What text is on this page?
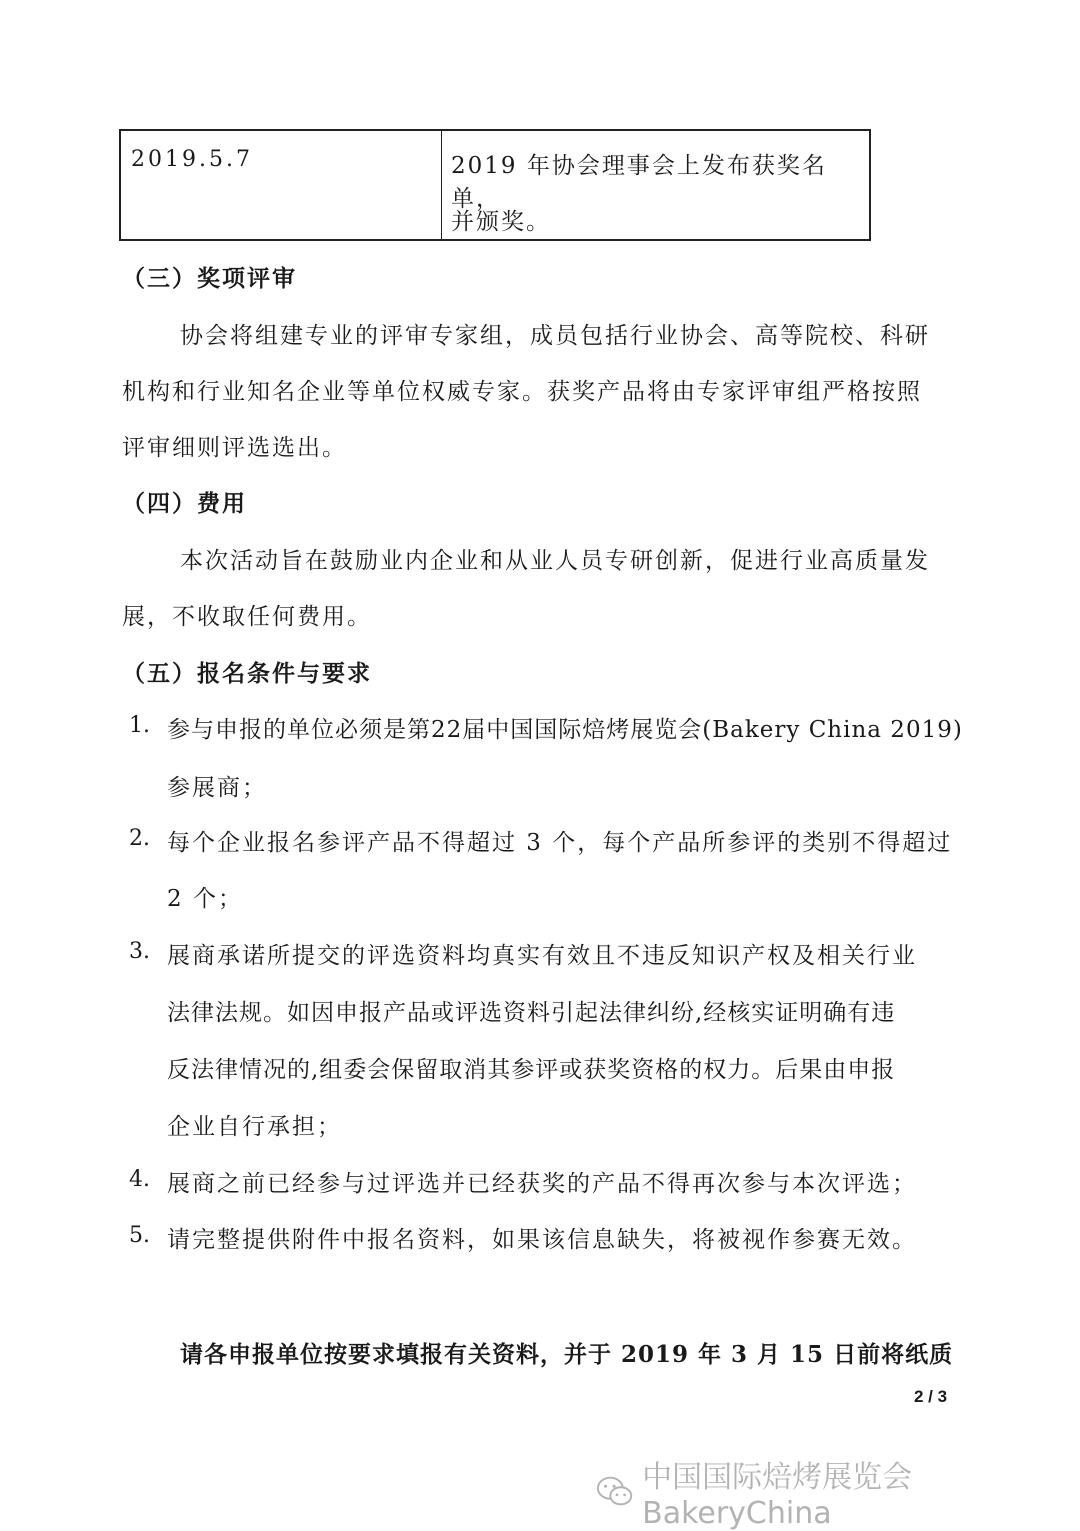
2019.5.7	2019 年协会理事会上发布获奖名单，
并颁奖。
（三）奖项评审
协会将组建专业的评审专家组，成员包括行业协会、高等院校、科研
机构和行业知名企业等单位权威专家。获奖产品将由专家评审组严格按照
评审细则评选选出。
（四）费用
本次活动旨在鼓励业内企业和从业人员专研创新，促进行业高质量发
展，不收取任何费用。
（五）报名条件与要求
1. 参与申报的单位必须是第22届中国国际焙烤展览会(Bakery China 2019)
参展商；
2. 每个企业报名参评产品不得超过 3 个，每个产品所参评的类别不得超过
2 个；
3. 展商承诺所提交的评选资料均真实有效且不违反知识产权及相关行业
法律法规。如因申报产品或评选资料引起法律纠纷,经核实证明确有违
反法律情况的,组委会保留取消其参评或获奖资格的权力。后果由申报
企业自行承担；
4. 展商之前已经参与过评选并已经获奖的产品不得再次参与本次评选；
5. 请完整提供附件中报名资料，如果该信息缺失，将被视作参赛无效。
请各申报单位按要求填报有关资料，并于 2019 年 3 月 15 日前将纸质
2 / 3
中国国际焙烤展览会BakeryChina
